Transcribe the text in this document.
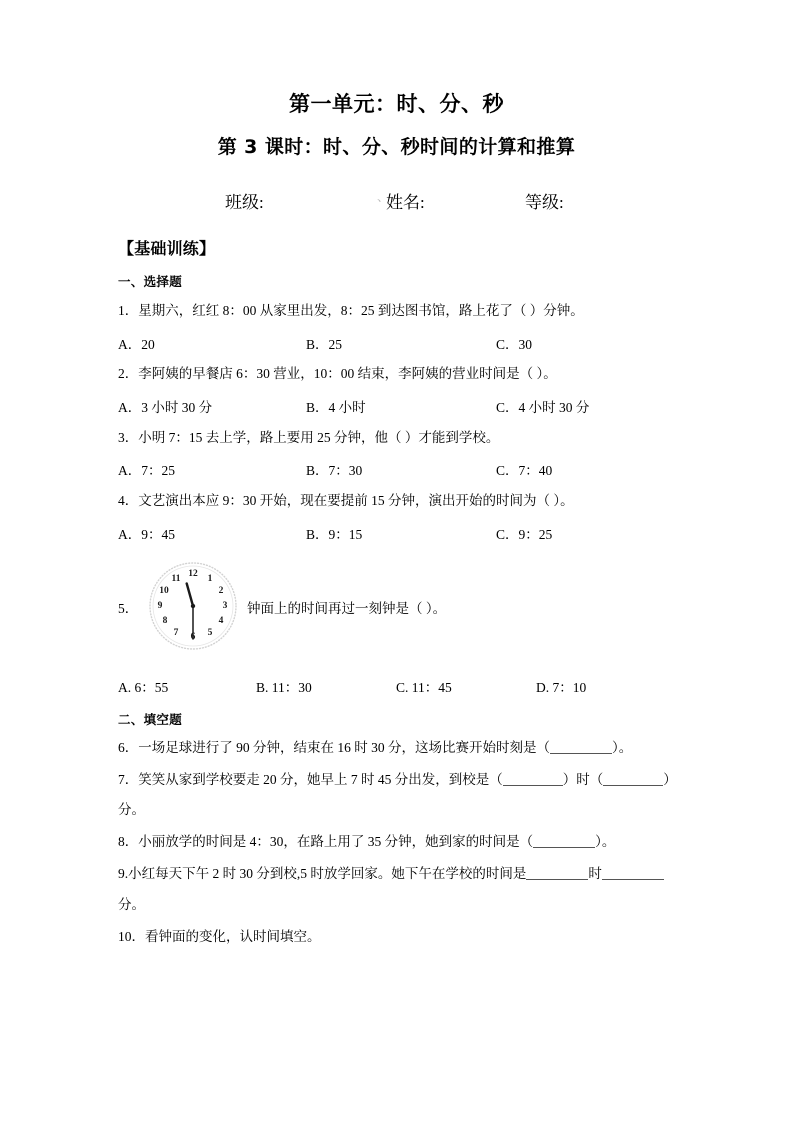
第一单元：时、分、秒
第 3 课时：时、分、秒时间的计算和推算
班级:	、
姓名:	等级:
【基础训练】
一、选择题
1．星期六，红红 8：00 从家里出发，8：25 到达图书馆，路上花了（ ）分钟。
A．20	B．25	C．30
2．李阿姨的早餐店 6：30 营业，10：00 结束，李阿姨的营业时间是（ ）。
A．3 小时 30 分	B．4 小时	C．4 小时 30 分
3．小明 7：15 去上学，路上要用 25 分钟，他（ ）才能到学校。
A．7：25	B．7：30	C．7：40
4．文艺演出本应 9：30 开始，现在要提前 15 分钟，演出开始的时间为（ ）。
A．9：45	B．9：15	C．9：25
5．
12	1
2
3
4
5
6
7
8
9
10
11
钟面上的时间再过一刻钟是（ ）。
A. 6：55	B. 11：30	C. 11：45	D. 7：10
二、填空题
6．一场足球进行了 90 分钟，结束在 16 时 30 分，这场比赛开始时刻是（	）。
7．笑笑从家到学校要走 20 分，她早上 7 时 45 分出发，到校是（	）时（	）
分。
8．小丽放学的时间是 4：30，在路上用了 35 分钟，她到家的时间是（	）。
9.小红每天下午 2 时 30 分到校,5 时放学回家。她下午在学校的时间是	时
分。
10．看钟面的变化，认时间填空。
